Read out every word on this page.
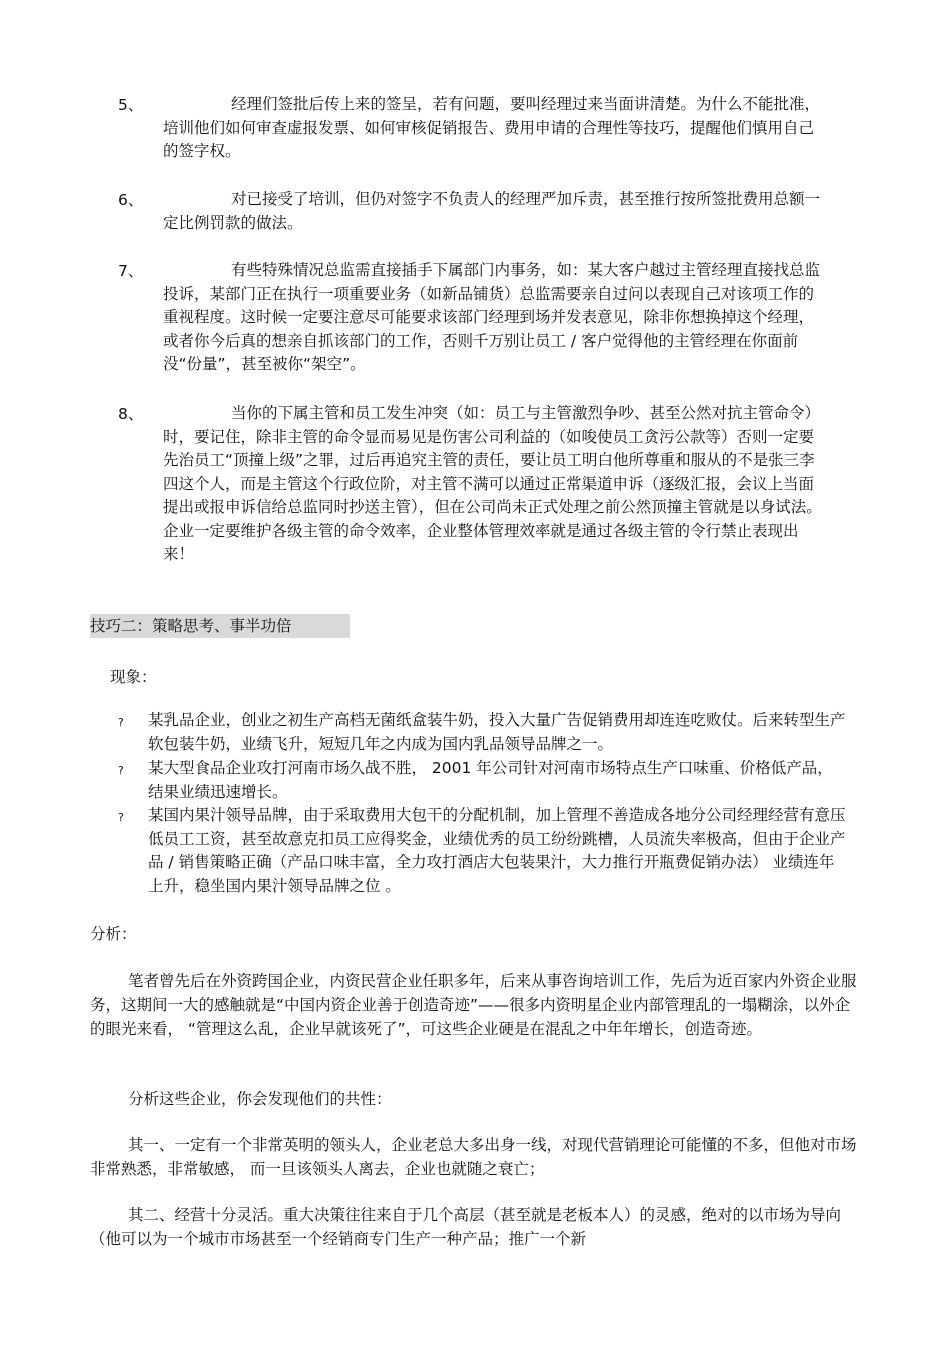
5、	经理们签批后传上来的签呈，若有问题，要叫经理过来当面讲清楚。为什么不能批准，培训他们如何审查虚报发票、如何审核促销报告、费用申请的合理性等技巧，提醒他们慎用自己的签字权。
6、	对已接受了培训，但仍对签字不负责人的经理严加斥责，甚至推行按所签批费用总额一定比例罚款的做法。
7、	有些特殊情况总监需直接插手下属部门内事务，如：某大客户越过主管经理直接找总监投诉，某部门正在执行一项重要业务（如新品铺货）总监需要亲自过问以表现自己对该项工作的重视程度。这时候一定要注意尽可能要求该部门经理到场并发表意见，除非你想换掉这个经理，或者你今后真的想亲自抓该部门的工作，否则千万别让员工 / 客户觉得他的主管经理在你面前没“份量”，甚至被你“架空”。
8、	当你的下属主管和员工发生冲突（如：员工与主管激烈争吵、甚至公然对抗主管命令）时，要记住，除非主管的命令显而易见是伤害公司利益的（如唆使员工贪污公款等）否则一定要先治员工“顶撞上级”之罪，过后再追究主管的责任，要让员工明白他所尊重和服从的不是张三李四这个人，而是主管这个行政位阶，对主管不满可以通过正常渠道申诉（逐级汇报，会议上当面提出或报申诉信给总监同时抄送主管），但在公司尚未正式处理之前公然顶撞主管就是以身试法。企业一定要维护各级主管的命令效率，企业整体管理效率就是通过各级主管的令行禁止表现出来！
技巧二：策略思考、事半功倍
现象：
? 某乳品企业，创业之初生产高档无菌纸盒装牛奶，投入大量广告促销费用却连连吃败仗。后来转型生产软包装牛奶，业绩飞升，短短几年之内成为国内乳品领导品牌之一。
? 某大型食品企业攻打河南市场久战不胜， 2001 年公司针对河南市场特点生产口味重、价格低产品，结果业绩迅速增长。
? 某国内果汁领导品牌，由于采取费用大包干的分配机制，加上管理不善造成各地分公司经理经营有意压低员工工资，甚至故意克扣员工应得奖金，业绩优秀的员工纷纷跳槽，人员流失率极高，但由于企业产品 / 销售策略正确（产品口味丰富，全力攻打酒店大包装果汁，大力推行开瓶费促销办法） 业绩连年上升，稳坐国内果汁领导品牌之位 。
分析：
笔者曾先后在外资跨国企业，内资民营企业任职多年，后来从事咨询培训工作，先后为近百家内外资企业服务，这期间一大的感触就是“中国内资企业善于创造奇迹”——很多内资明星企业内部管理乱的一塌糊涂，以外企的眼光来看， “管理这么乱，企业早就该死了”，可这些企业硬是在混乱之中年年增长，创造奇迹。
分析这些企业，你会发现他们的共性：
其一、一定有一个非常英明的领头人，企业老总大多出身一线，对现代营销理论可能懂的不多，但他对市场非常熟悉，非常敏感， 而一旦该领头人离去，企业也就随之衰亡；
其二、经营十分灵活。重大决策往往来自于几个高层（甚至就是老板本人）的灵感，绝对的以市场为导向（他可以为一个城市市场甚至一个经销商专门生产一种产品；推广一个新
